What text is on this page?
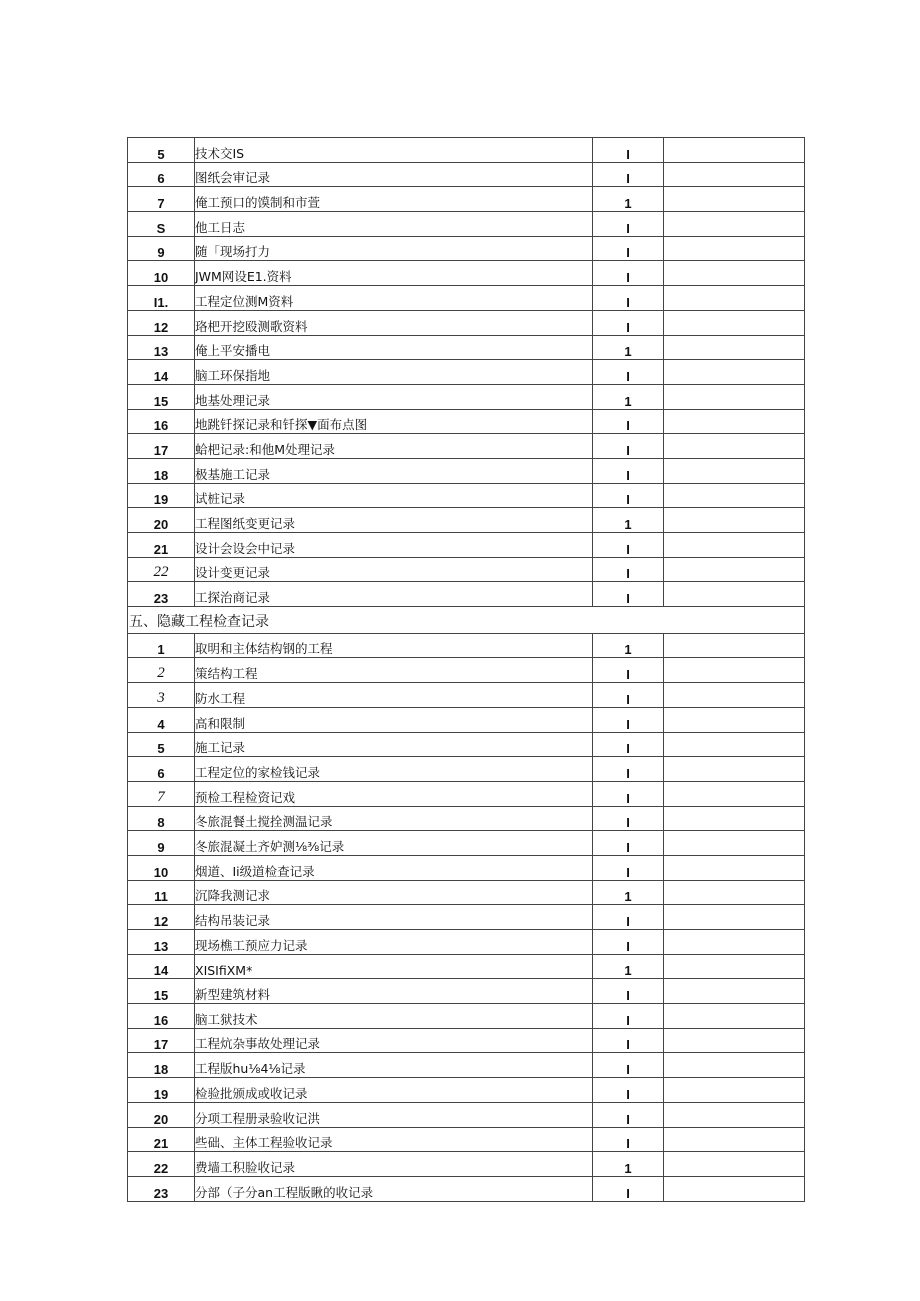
5	技术交IS	I	
6	图纸会审记录	I	
7	俺工预口的馍制和市萱	1	
S	他工日志	I	
9	随「现场打力	I	
10	JWM网设E1.资料	I	
I1.	工程定位测M资料	I	
12	珞杷开挖殴测歌资料	I	
13	俺上平安播电	1	
14	脑工环保指地	I	
15	地基处理记录	1	
16	地跳钎探记录和钎探▼面布点图	I	
17	蛤杷记录:和他M处理记录	I	
18	极基施工记录	I	
19	试桩记录	I	
20	工程图纸变更记录	1	
21	设计会设会中记录	I	
22	设计变更记录	I	
23	工探治商记录	I	
五、隐藏工程检查记录			
1	取明和主体结构钢的工程	1	
2	策结构工程	I	
3	防水工程	I	
4	高和限制	I	
5	施工记录	I	
6	工程定位的家检钱记录	I	
7	预检工程检资记戏	I	
8	冬旅混餐土搅拴测温记录	I	
9	冬旅混凝土齐妒测⅛⅜记录	I	
10	烟道、Ii级道检查记录	I	
11	沉降我测记求	1	
12	结构吊装记录	I	
13	现场樵工预应力记录	I	
14	XISIfiXM*	1	
15	新型建筑材料	I	
16	脑工狱技术	I	
17	工程炕杂事故处理记录	I	
18	工程版hu⅛4⅛记录	I	
19	检验批颁成或收记录	I	
20	分项工程册录验收记洪	I	
21	些础、主体工程验收记录	I	
22	费墙工积脸收记录	1	
23	分部（子分an工程版瞅的收记录	I	
